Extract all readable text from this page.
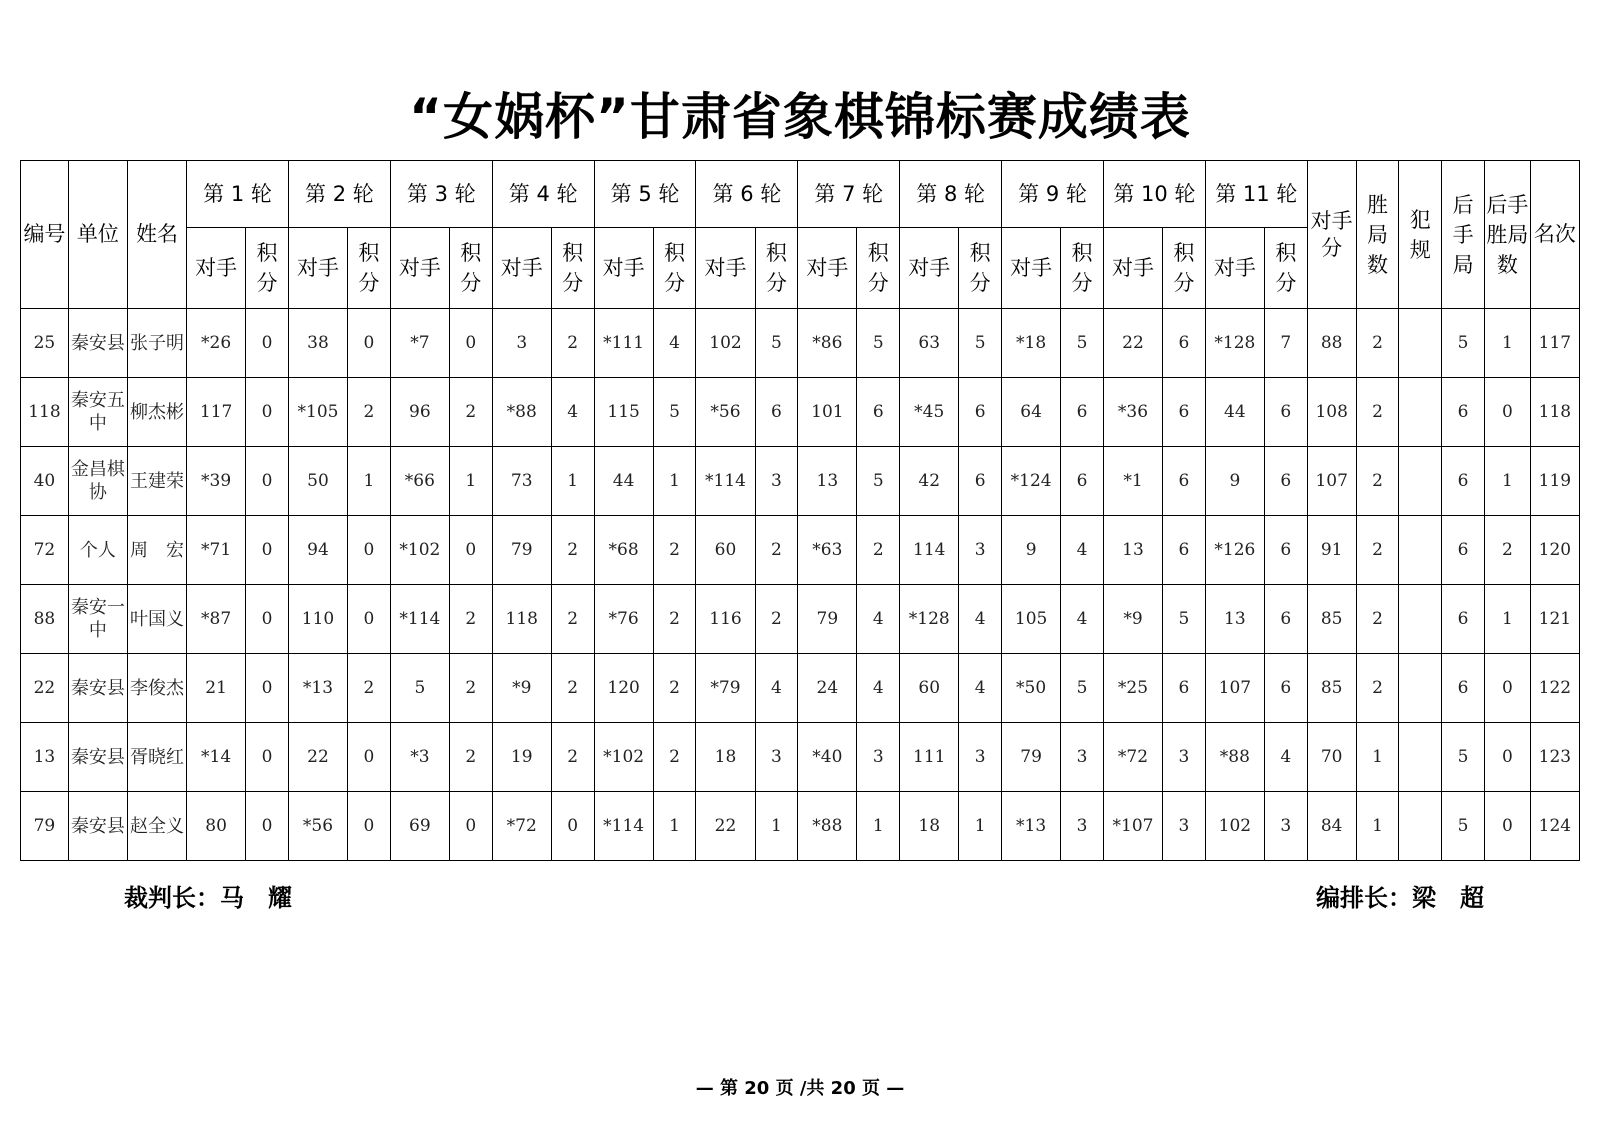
“女娲杯”甘肃省象棋锦标赛成绩表
编号	单位	姓名	第 1 轮		第 2 轮		第 3 轮		第 4 轮		第 5 轮		第 6 轮		第 7 轮		第 8 轮		第 9 轮		第 10 轮		第 11 轮		对手分	胜局数	犯规	后手局	后手胜局数	名次
			对手	积分	对手	积分	对手	积分	对手	积分	对手	积分	对手	积分	对手	积分	对手	积分	对手	积分	对手	积分	对手	积分						
25	秦安县	张子明	*26	0	38	0	*7	0	3	2	*111	4	102	5	*86	5	63	5	*18	5	22	6	*128	7	88	2		5	1	117
118	秦安五中	柳杰彬	117	0	*105	2	96	2	*88	4	115	5	*56	6	101	6	*45	6	64	6	*36	6	44	6	108	2		6	0	118
40	金昌棋协	王建荣	*39	0	50	1	*66	1	73	1	44	1	*114	3	13	5	42	6	*124	6	*1	6	9	6	107	2		6	1	119
72	个人	周　宏	*71	0	94	0	*102	0	79	2	*68	2	60	2	*63	2	114	3	9	4	13	6	*126	6	91	2		6	2	120
88	秦安一中	叶国义	*87	0	110	0	*114	2	118	2	*76	2	116	2	79	4	*128	4	105	4	*9	5	13	6	85	2		6	1	121
22	秦安县	李俊杰	21	0	*13	2	5	2	*9	2	120	2	*79	4	24	4	60	4	*50	5	*25	6	107	6	85	2		6	0	122
13	秦安县	胥晓红	*14	0	22	0	*3	2	19	2	*102	2	18	3	*40	3	111	3	79	3	*72	3	*88	4	70	1		5	0	123
79	秦安县	赵全义	80	0	*56	0	69	0	*72	0	*114	1	22	1	*88	1	18	1	*13	3	*107	3	102	3	84	1		5	0	124
裁判长：马　耀	编排长：梁　超
— 第 20 页 /共 20 页 —
